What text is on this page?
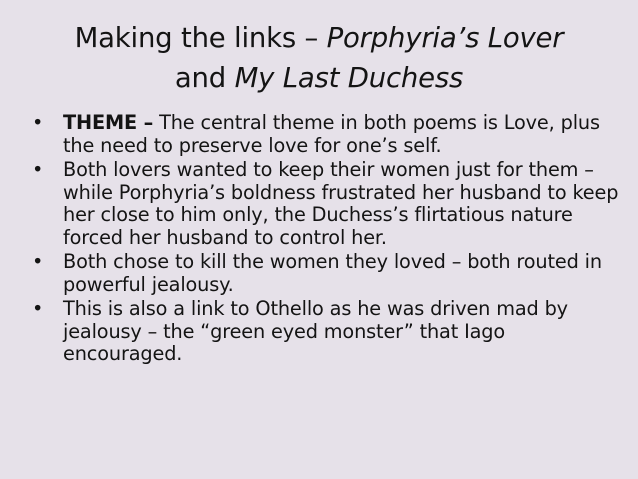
Making the links – Porphyria’s Lover
and My Last Duchess
•	THEME – The central theme in both poems is Love, plus the need to preserve love for one’s self.
•	Both lovers wanted to keep their women just for them – while Porphyria’s boldness frustrated her husband to keep her close to him only, the Duchess’s flirtatious nature forced her husband to control her.
•	Both chose to kill the women they loved – both routed in powerful jealousy.
•	This is also a link to Othello as he was driven mad by jealousy – the “green eyed monster” that Iago encouraged.
